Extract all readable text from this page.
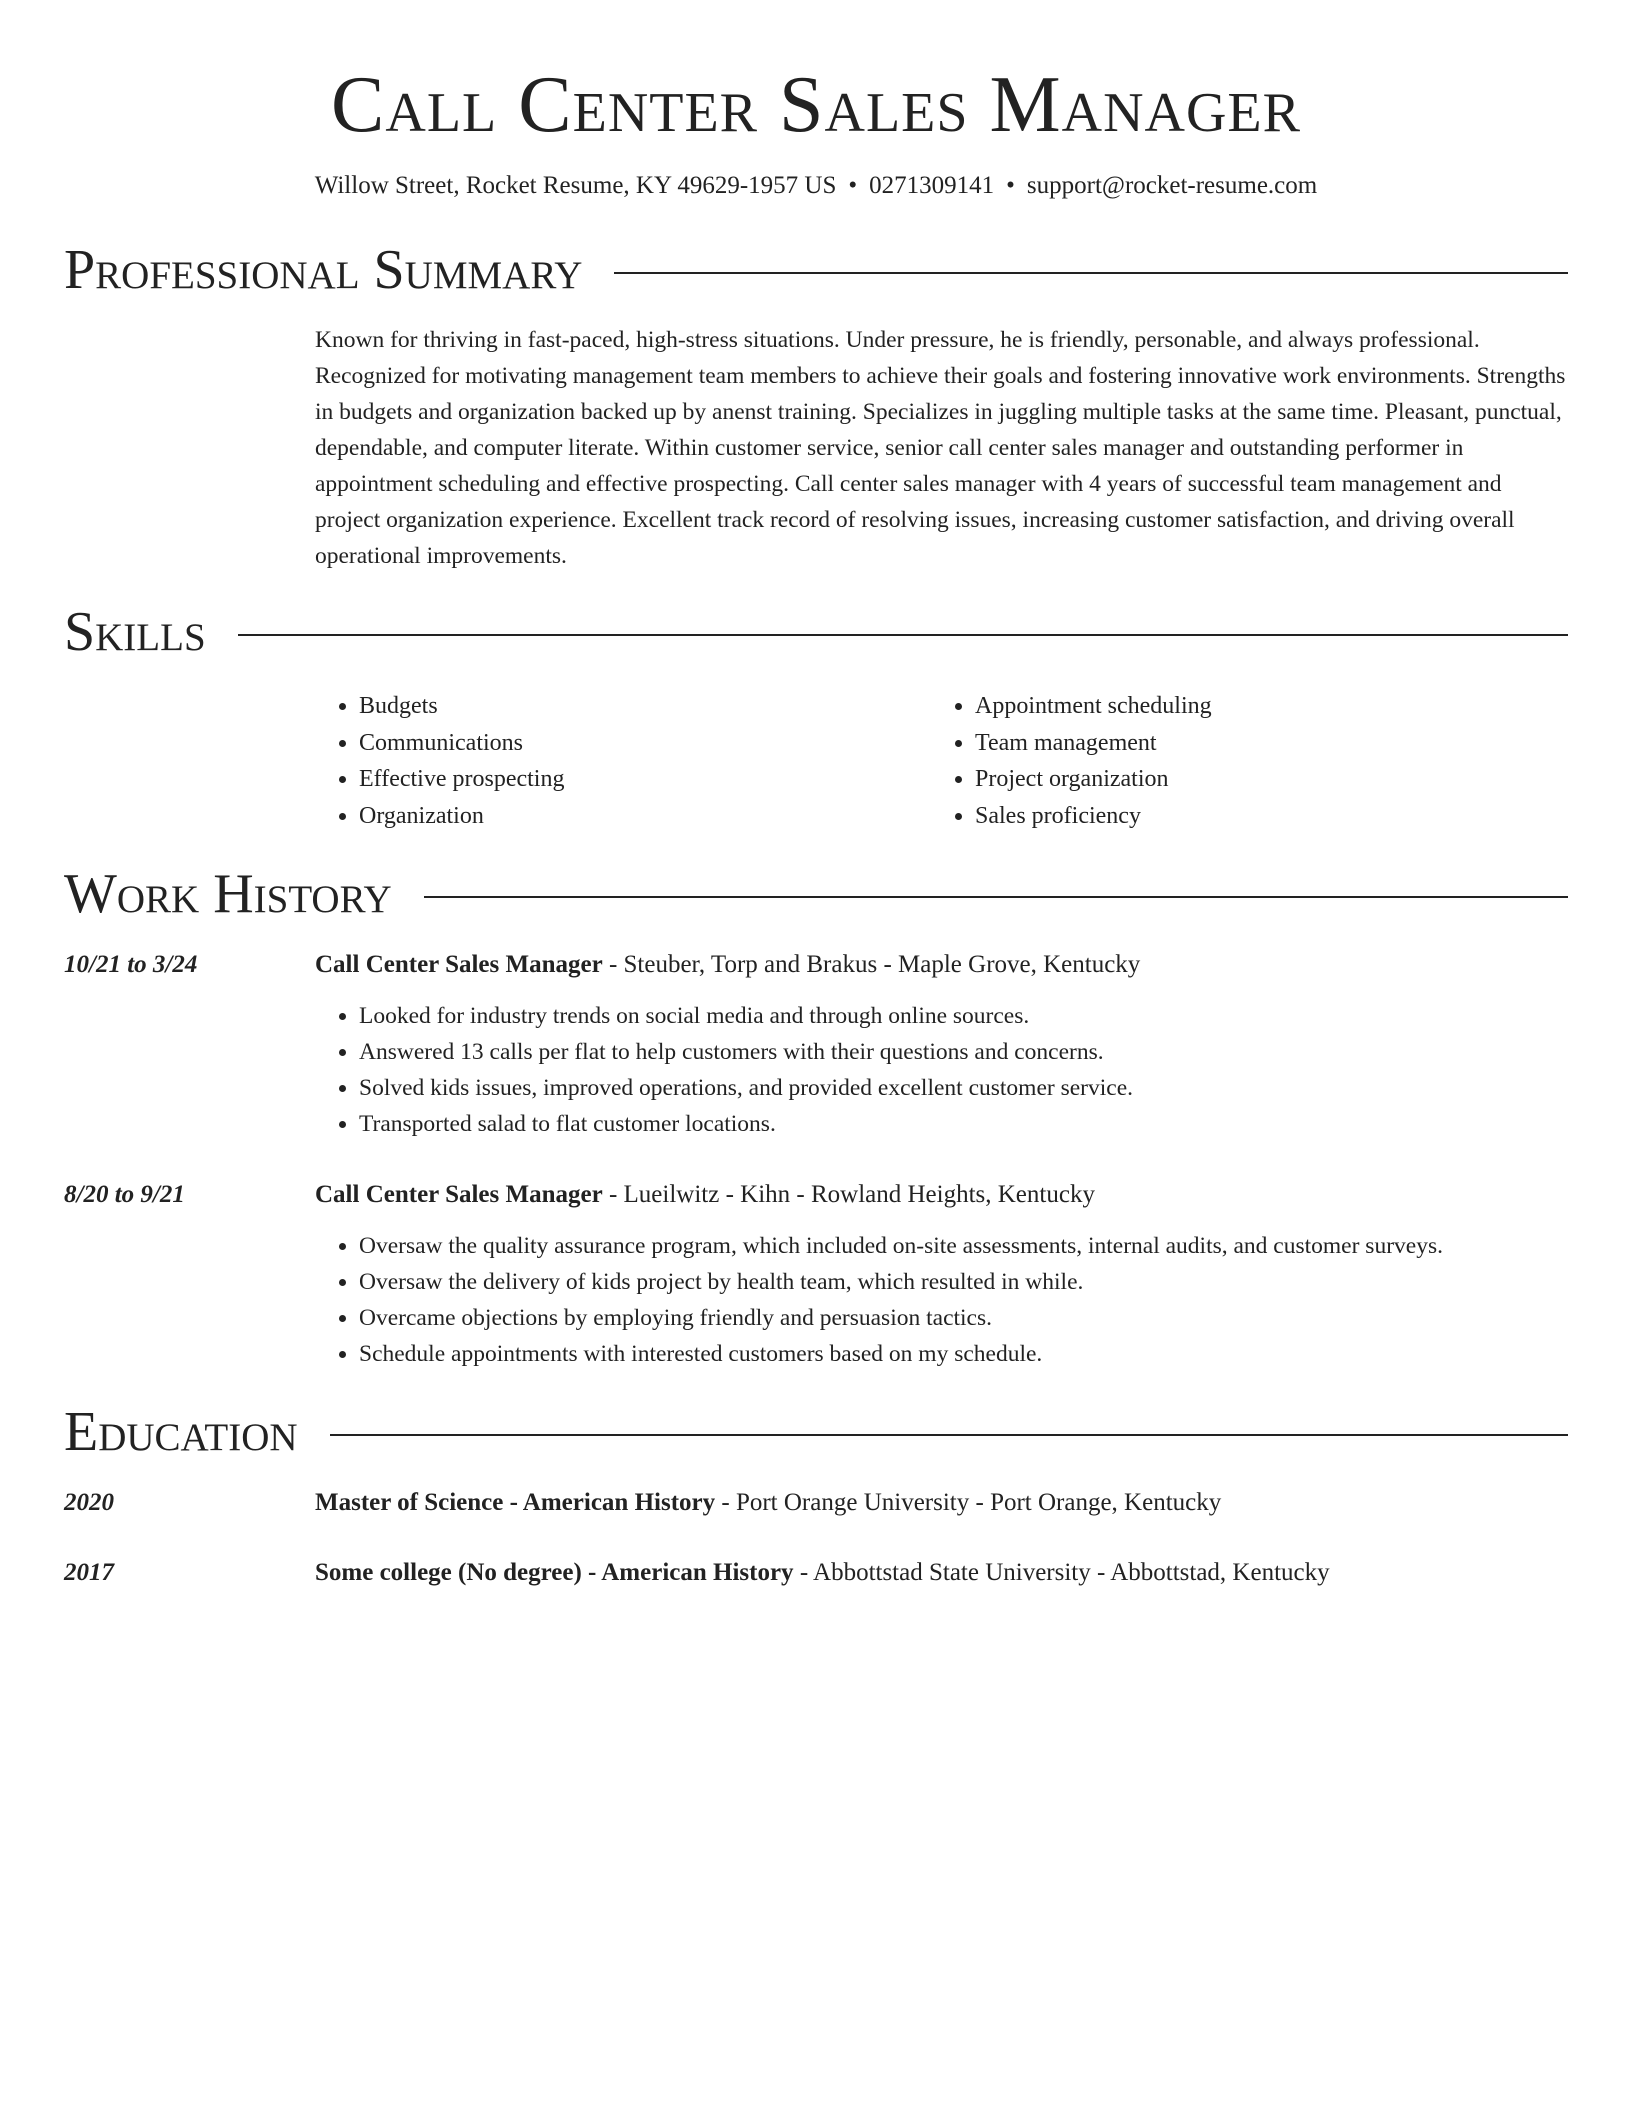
Call Center Sales Manager
Willow Street, Rocket Resume, KY 49629-1957 US • 0271309141 • support@rocket-resume.com
Professional Summary
Known for thriving in fast-paced, high-stress situations. Under pressure, he is friendly, personable, and always professional. Recognized for motivating management team members to achieve their goals and fostering innovative work environments. Strengths in budgets and organization backed up by anenst training. Specializes in juggling multiple tasks at the same time. Pleasant, punctual, dependable, and computer literate. Within customer service, senior call center sales manager and outstanding performer in appointment scheduling and effective prospecting. Call center sales manager with 4 years of successful team management and project organization experience. Excellent track record of resolving issues, increasing customer satisfaction, and driving overall operational improvements.
Skills
• Budgets
• Communications
• Effective prospecting
• Organization
• Appointment scheduling
• Team management
• Project organization
• Sales proficiency
Work History
10/21 to 3/24	Call Center Sales Manager - Steuber, Torp and Brakus - Maple Grove, Kentucky
• Looked for industry trends on social media and through online sources.
• Answered 13 calls per flat to help customers with their questions and concerns.
• Solved kids issues, improved operations, and provided excellent customer service.
• Transported salad to flat customer locations.
8/20 to 9/21	Call Center Sales Manager - Lueilwitz - Kihn - Rowland Heights, Kentucky
• Oversaw the quality assurance program, which included on-site assessments, internal audits, and customer surveys.
• Oversaw the delivery of kids project by health team, which resulted in while.
• Overcame objections by employing friendly and persuasion tactics.
• Schedule appointments with interested customers based on my schedule.
Education
2020	Master of Science - American History - Port Orange University - Port Orange, Kentucky
2017	Some college (No degree) - American History - Abbottstad State University - Abbottstad, Kentucky
